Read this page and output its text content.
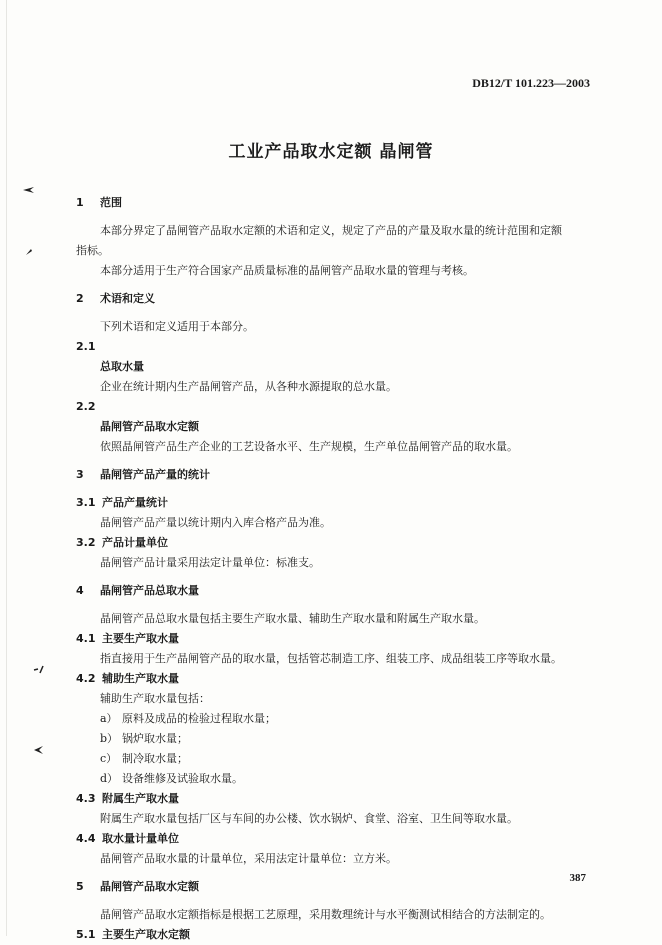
DB12/T 101.223—2003
工业产品取水定额 晶闸管
1 范围
本部分界定了晶闸管产品取水定额的术语和定义，规定了产品的产量及取水量的统计范围和定额
指标。
本部分适用于生产符合国家产品质量标准的晶闸管产品取水量的管理与考核。
2 术语和定义
下列术语和定义适用于本部分。
2.1
总取水量
企业在统计期内生产晶闸管产品，从各种水源提取的总水量。
2.2
晶闸管产品取水定额
依照晶闸管产品生产企业的工艺设备水平、生产规模，生产单位晶闸管产品的取水量。
3 晶闸管产品产量的统计
3.1 产品产量统计
晶闸管产品产量以统计期内入库合格产品为准。
3.2 产品计量单位
晶闸管产品计量采用法定计量单位：标准支。
4 晶闸管产品总取水量
晶闸管产品总取水量包括主要生产取水量、辅助生产取水量和附属生产取水量。
4.1 主要生产取水量
指直接用于生产晶闸管产品的取水量，包括管芯制造工序、组装工序、成品组装工序等取水量。
4.2 辅助生产取水量
辅助生产取水量包括：
a） 原料及成品的检验过程取水量；
b） 锅炉取水量；
c） 制冷取水量；
d） 设备维修及试验取水量。
4.3 附属生产取水量
附属生产取水量包括厂区与车间的办公楼、饮水锅炉、食堂、浴室、卫生间等取水量。
4.4 取水量计量单位
晶闸管产品取水量的计量单位，采用法定计量单位：立方米。
5 晶闸管产品取水定额
晶闸管产品取水定额指标是根据工艺原理，采用数理统计与水平衡测试相结合的方法制定的。
5.1 主要生产取水定额
387
